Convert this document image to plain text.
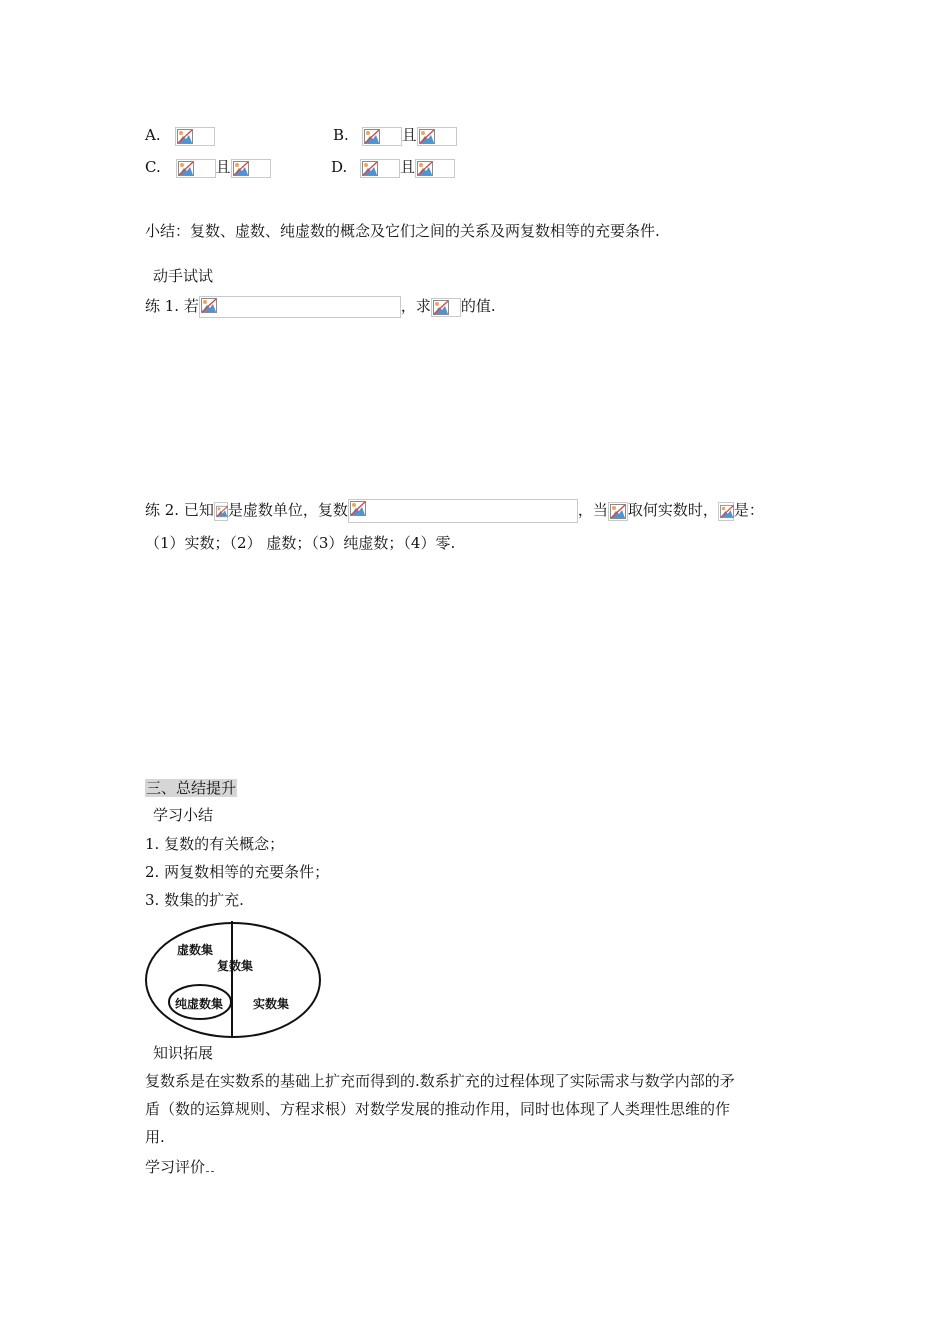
A.	B.	且
C.	且	D.	且
小结：复数、虚数、纯虚数的概念及它们之间的关系及两复数相等的充要条件.
动手试试
练 1. 若	，求 的值.
练 2. 已知 是虚数单位，复数	，当 取何实数时， 是：
（1）实数；（2） 虚数；（3）纯虚数；（4）零.
三、总结提升
学习小结
1. 复数的有关概念；
2. 两复数相等的充要条件；
3. 数集的扩充.
虚数集
复数集
纯虚数集 实数集
知识拓展
复数系是在实数系的基础上扩充而得到的.数系扩充的过程体现了实际需求与数学内部的矛
盾（数的运算规则、方程求根）对数学发展的推动作用，同时也体现了人类理性思维的作
用.
学习评价
